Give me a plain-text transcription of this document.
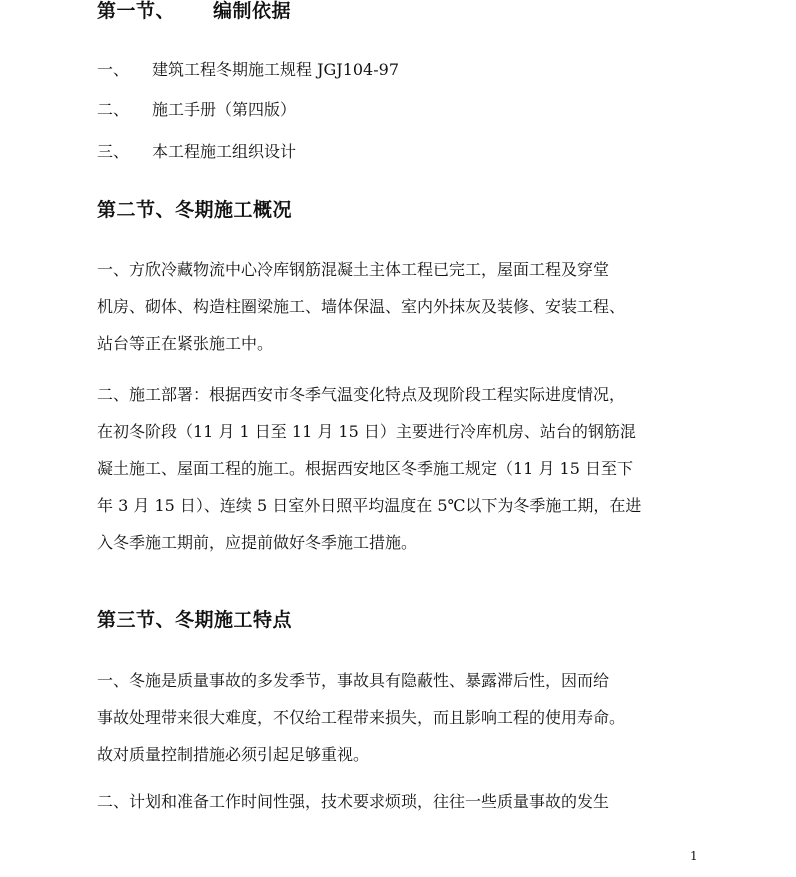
第一节、 编制依据
一、 建筑工程冬期施工规程 JGJ104-97
二、 施工手册（第四版）
三、 本工程施工组织设计
第二节、冬期施工概况
一、方欣冷藏物流中心冷库钢筋混凝土主体工程已完工，屋面工程及穿堂
机房、砌体、构造柱圈梁施工、墙体保温、室内外抹灰及装修、安装工程、
站台等正在紧张施工中。
二、施工部署：根据西安市冬季气温变化特点及现阶段工程实际进度情况，
在初冬阶段（11 月 1 日至 11 月 15 日）主要进行冷库机房、站台的钢筋混
凝土施工、屋面工程的施工。根据西安地区冬季施工规定（11 月 15 日至下
年 3 月 15 日）、连续 5 日室外日照平均温度在 5℃以下为冬季施工期，在进
入冬季施工期前，应提前做好冬季施工措施。
第三节、冬期施工特点
一、冬施是质量事故的多发季节，事故具有隐蔽性、暴露滞后性，因而给
事故处理带来很大难度，不仅给工程带来损失，而且影响工程的使用寿命。
故对质量控制措施必须引起足够重视。
二、计划和准备工作时间性强，技术要求烦琐，往往一些质量事故的发生
1
